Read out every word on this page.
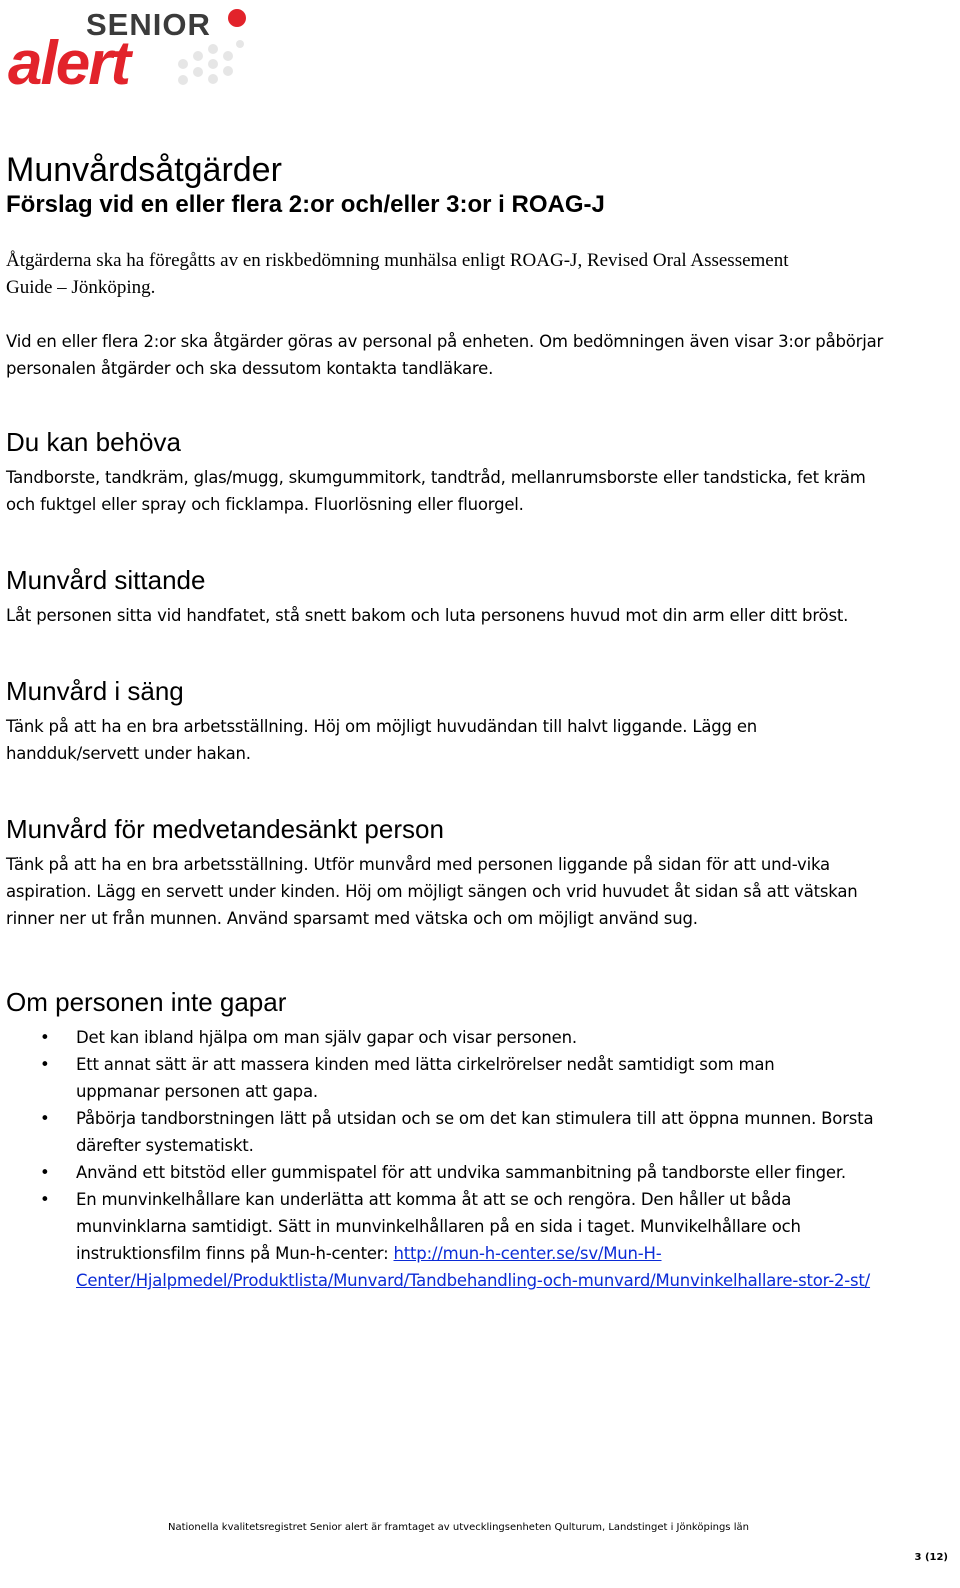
SENIOR
alert
Munvårdsåtgärder
Förslag vid en eller flera 2:or och/eller 3:or i ROAG-J

Åtgärderna ska ha föregåtts av en riskbedömning munhälsa enligt ROAG-J, Revised Oral Assessement Guide – Jönköping.

Vid en eller flera 2:or ska åtgärder göras av personal på enheten. Om bedömningen även visar 3:or påbörjar personalen åtgärder och ska dessutom kontakta tandläkare.

Du kan behöva

Tandborste, tandkräm, glas/mugg, skumgummitork, tandtråd, mellanrumsborste eller tandsticka, fet kräm och fuktgel eller spray och ficklampa. Fluorlösning eller fluorgel.

Munvård sittande

Låt personen sitta vid handfatet, stå snett bakom och luta personens huvud mot din arm eller ditt bröst.

Munvård i säng

Tänk på att ha en bra arbetsställning. Höj om möjligt huvudändan till halvt liggande. Lägg en handduk/servett under hakan.

Munvård för medvetandesänkt person

Tänk på att ha en bra arbetsställning. Utför munvård med personen liggande på sidan för att und-vika aspiration. Lägg en servett under kinden. Höj om möjligt sängen och vrid huvudet åt sidan så att vätskan rinner ner ut från munnen. Använd sparsamt med vätska och om möjligt använd sug.

Om personen inte gapar
• Det kan ibland hjälpa om man själv gapar och visar personen.
• Ett annat sätt är att massera kinden med lätta cirkelrörelser nedåt samtidigt som man uppmanar personen att gapa.
• Påbörja tandborstningen lätt på utsidan och se om det kan stimulera till att öppna munnen. Borsta därefter systematiskt.
• Använd ett bitstöd eller gummispatel för att undvika sammanbitning på tandborste eller finger.
• En munvinkelhållare kan underlätta att komma åt att se och rengöra. Den håller ut båda munvinklarna samtidigt. Sätt in munvinkelhållaren på en sida i taget. Munvikelhållare och instruktionsfilm finns på Mun-h-center: http://mun-h-center.se/sv/Mun-H-Center/Hjalpmedel/Produktlista/Munvard/Tandbehandling-och-munvard/Munvinkelhallare-stor-2-st/
Nationella kvalitetsregistret Senior alert är framtaget av utvecklingsenheten Qulturum, Landstinget i Jönköpings län
3 (12)
